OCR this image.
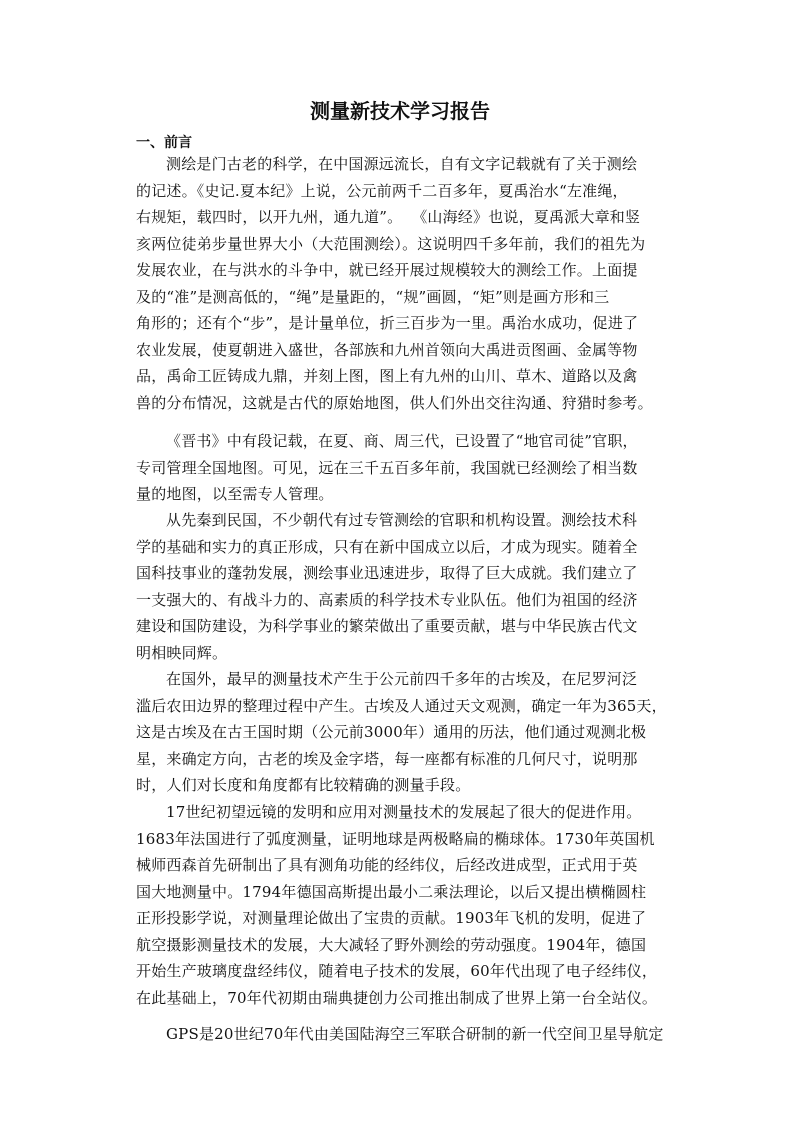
测量新技术学习报告
一、前言
测绘是门古老的科学，在中国源远流长，自有文字记载就有了关于测绘
的记述。《史记.夏本纪》上说，公元前两千二百多年，夏禹治水“左准绳，
右规矩，载四时，以开九州，通九道”。  《山海经》也说，夏禹派大章和竖
亥两位徒弟步量世界大小（大范围测绘）。这说明四千多年前，我们的祖先为
发展农业，在与洪水的斗争中，就已经开展过规模较大的测绘工作。上面提
及的“准”是测高低的，“绳”是量距的，“规”画圆，“矩”则是画方形和三
角形的；还有个“步”，是计量单位，折三百步为一里。禹治水成功，促进了
农业发展，使夏朝进入盛世，各部族和九州首领向大禹进贡图画、金属等物
品，禹命工匠铸成九鼎，并刻上图，图上有九州的山川、草木、道路以及禽
兽的分布情况，这就是古代的原始地图，供人们外出交往沟通、狩猎时参考。
《晋书》中有段记载，在夏、商、周三代，已设置了“地官司徒”官职，
专司管理全国地图。可见，远在三千五百多年前，我国就已经测绘了相当数
量的地图，以至需专人管理。
从先秦到民国，不少朝代有过专管测绘的官职和机构设置。测绘技术科
学的基础和实力的真正形成，只有在新中国成立以后，才成为现实。随着全
国科技事业的蓬勃发展，测绘事业迅速进步，取得了巨大成就。我们建立了
一支强大的、有战斗力的、高素质的科学技术专业队伍。他们为祖国的经济
建设和国防建设，为科学事业的繁荣做出了重要贡献，堪与中华民族古代文
明相映同辉。
在国外，最早的测量技术产生于公元前四千多年的古埃及，在尼罗河泛
滥后农田边界的整理过程中产生。古埃及人通过天文观测，确定一年为365天，
这是古埃及在古王国时期（公元前3000年）通用的历法，他们通过观测北极
星，来确定方向，古老的埃及金字塔，每一座都有标准的几何尺寸，说明那
时，人们对长度和角度都有比较精确的测量手段。
17世纪初望远镜的发明和应用对测量技术的发展起了很大的促进作用。
1683年法国进行了弧度测量，证明地球是两极略扁的椭球体。1730年英国机
械师西森首先研制出了具有测角功能的经纬仪，后经改进成型，正式用于英
国大地测量中。1794年德国高斯提出最小二乘法理论，以后又提出横椭圆柱
正形投影学说，对测量理论做出了宝贵的贡献。1903年飞机的发明，促进了
航空摄影测量技术的发展，大大减轻了野外测绘的劳动强度。1904年，德国
开始生产玻璃度盘经纬仪，随着电子技术的发展，60年代出现了电子经纬仪，
在此基础上，70年代初期由瑞典捷创力公司推出制成了世界上第一台全站仪。
GPS是20世纪70年代由美国陆海空三军联合研制的新一代空间卫星导航定
